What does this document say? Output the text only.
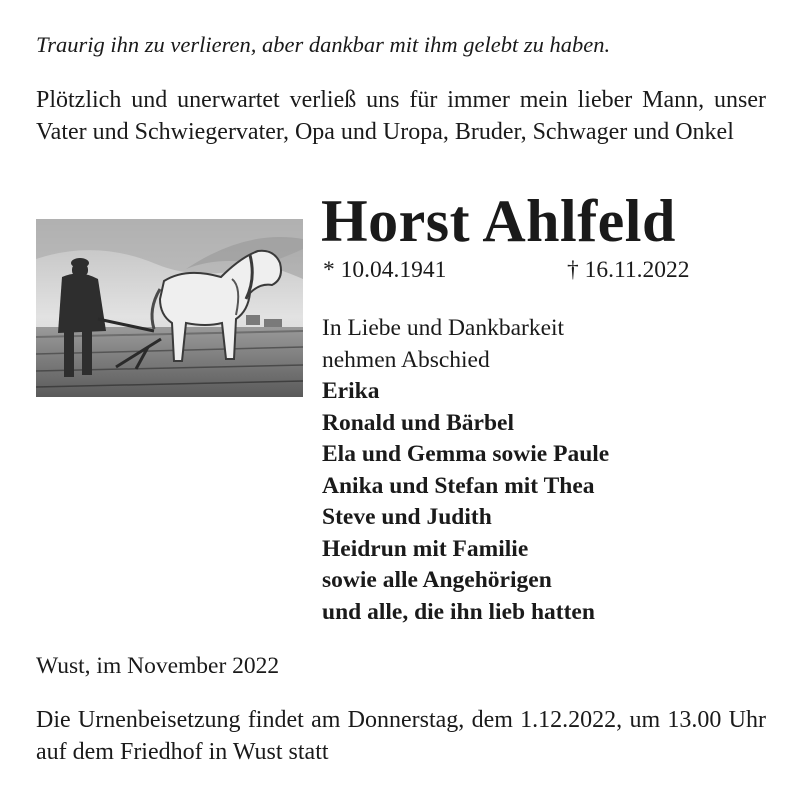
Traurig ihn zu verlieren, aber dankbar mit ihm gelebt zu haben.

Plötzlich und unerwartet verließ uns für immer mein lieber Mann, unser Vater und Schwiegervater, Opa und Uropa, Bruder, Schwager und Onkel

Horst Ahlfeld
* 10.04.1941	† 16.11.2022
In Liebe und Dankbarkeit
nehmen Abschied
Erika
Ronald und Bärbel
Ela und Gemma sowie Paule
Anika und Stefan mit Thea
Steve und Judith
Heidrun mit Familie
sowie alle Angehörigen
und alle, die ihn lieb hatten
Wust, im November 2022

Die Urnenbeisetzung findet am Donnerstag, dem 1.12.2022, um 13.00 Uhr auf dem Friedhof in Wust statt
